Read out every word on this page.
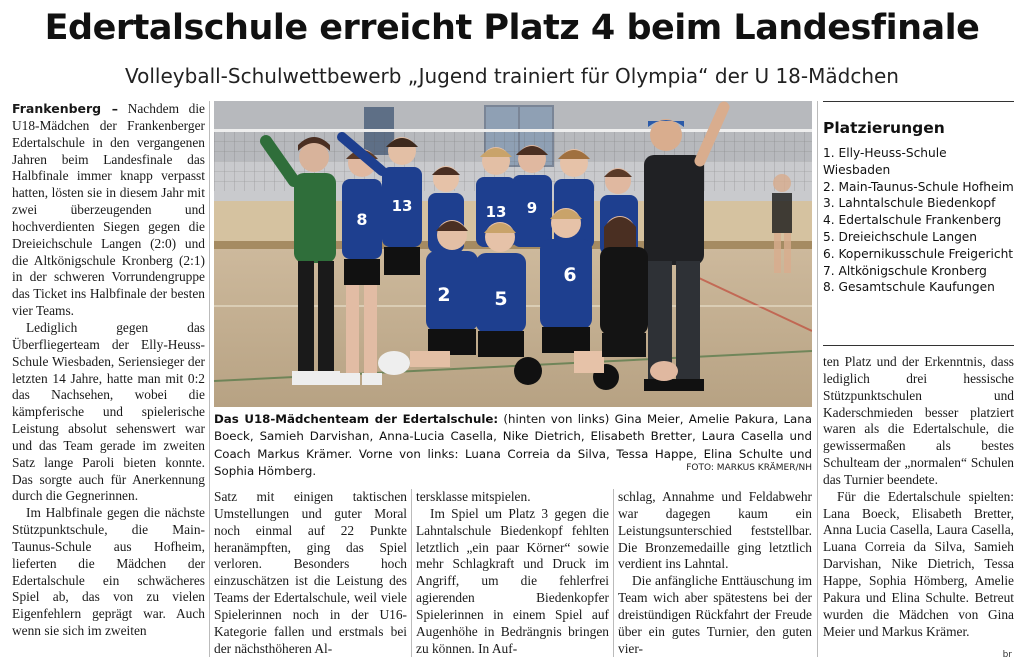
Edertalschule erreicht Platz 4 beim Landesfinale
Volleyball-Schulwettbewerb „Jugend trainiert für Olympia“ der U 18-Mädchen

Frankenberg – Nachdem die U18-Mädchen der Frankenberger Edertalschule in den vergangenen Jahren beim Landesfinale das Halbfinale immer knapp verpasst hatten, lösten sie in diesem Jahr mit zwei überzeugenden und hochverdienten Siegen gegen die Dreieichschule Langen (2:0) und die Altkönigschule Kronberg (2:1) in der schweren Vorrundengruppe das Ticket ins Halbfinale der besten vier Teams.

Lediglich gegen das Überfliegerteam der Elly-Heuss-Schule Wiesbaden, Seriensieger der letzten 14 Jahre, hatte man mit 0:2 das Nachsehen, wobei die kämpferische und spielerische Leistung absolut sehenswert war und das Team gerade im zweiten Satz lange Paroli bieten konnte. Das sorgte auch für Anerkennung durch die Gegnerinnen.

Im Halbfinale gegen die nächste Stützpunktschule, die Main-Taunus-Schule aus Hofheim, lieferten die Mädchen der Edertalschule ein schwächeres Spiel ab, das von zu vielen Eigenfehlern geprägt war. Auch wenn sie sich im zweiten

8
13	13 9
2 5
6
Das U18-Mädchenteam der Edertalschule: (hinten von links) Gina Meier, Amelie Pakura, Lana Boeck, Samieh Darvishan, Anna-Lucia Casella, Nike Dietrich, Elisabeth Bretter, Laura Casella und Coach Markus Krämer. Vorne von links: Luana Correia da Silva, Tessa Happe, Elina Schulte und Sophia Hömberg.	FOTO: MARKUS KRÄMER/NH

Satz mit einigen taktischen Umstellungen und guter Moral noch einmal auf 22 Punkte heranämpften, ging das Spiel verloren. Besonders hoch einzuschätzen ist die Leistung des Teams der Edertalschule, weil viele Spielerinnen noch in der U16-Kategorie fallen und erstmals bei der nächsthöheren Al-

tersklasse mitspielen.

Im Spiel um Platz 3 gegen die Lahntalschule Biedenkopf fehlten letztlich „ein paar Körner“ sowie mehr Schlagkraft und Druck im Angriff, um die fehlerfrei agierenden Biedenkopfer Spielerinnen in einem Spiel auf Augenhöhe in Bedrängnis bringen zu können. In Auf-

schlag, Annahme und Feldabwehr war dagegen kaum ein Leistungsunterschied feststellbar. Die Bronzemedaille ging letztlich verdient ins Lahntal.

Die anfängliche Enttäuschung im Team wich aber spätestens bei der dreistündigen Rückfahrt der Freude über ein gutes Turnier, den guten vier-

Platzierungen
1. Elly-Heuss-Schule Wiesbaden
2. Main-Taunus-Schule Hofheim
3. Lahntalschule Biedenkopf
4. Edertalschule Frankenberg
5. Dreieichschule Langen
6. Kopernikusschule Freigericht
7. Altkönigschule Kronberg
8. Gesamtschule Kaufungen

ten Platz und der Erkenntnis, dass lediglich drei hessische Stützpunktschulen und Kaderschmieden besser platziert waren als die Edertalschule, die gewissermaßen als bestes Schulteam der „normalen“ Schulen das Turnier beendete.

Für die Edertalschule spielten: Lana Boeck, Elisabeth Bretter, Anna Lucia Casella, Laura Casella, Luana Correia da Silva, Samieh Darvishan, Nike Dietrich, Tessa Happe, Sophia Hömberg, Amelie Pakura und Elina Schulte. Betreut wurden die Mädchen von Gina Meier und Markus Krämer.

br
